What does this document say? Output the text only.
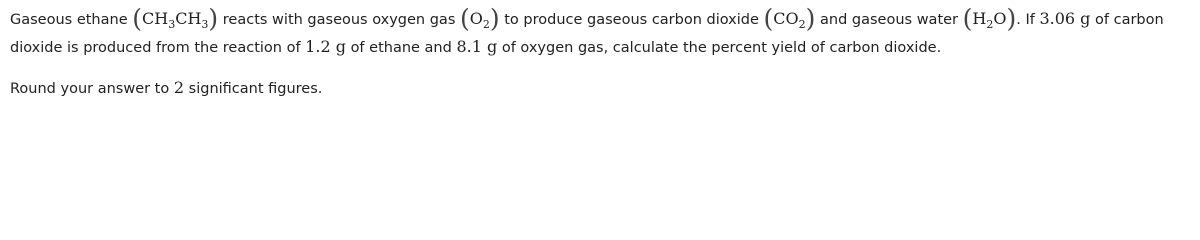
Gaseous ethane $(CH_3CH_3)$ reacts with gaseous oxygen gas $(O_2)$ to produce gaseous carbon dioxide $(CO_2)$ and gaseous water $(H_2O)$. If 3.06 g of carbon
dioxide is produced from the reaction of 1.2 g of ethane and 8.1 g of oxygen gas, calculate the percent yield of carbon dioxide.
Round your answer to 2 significant figures.
